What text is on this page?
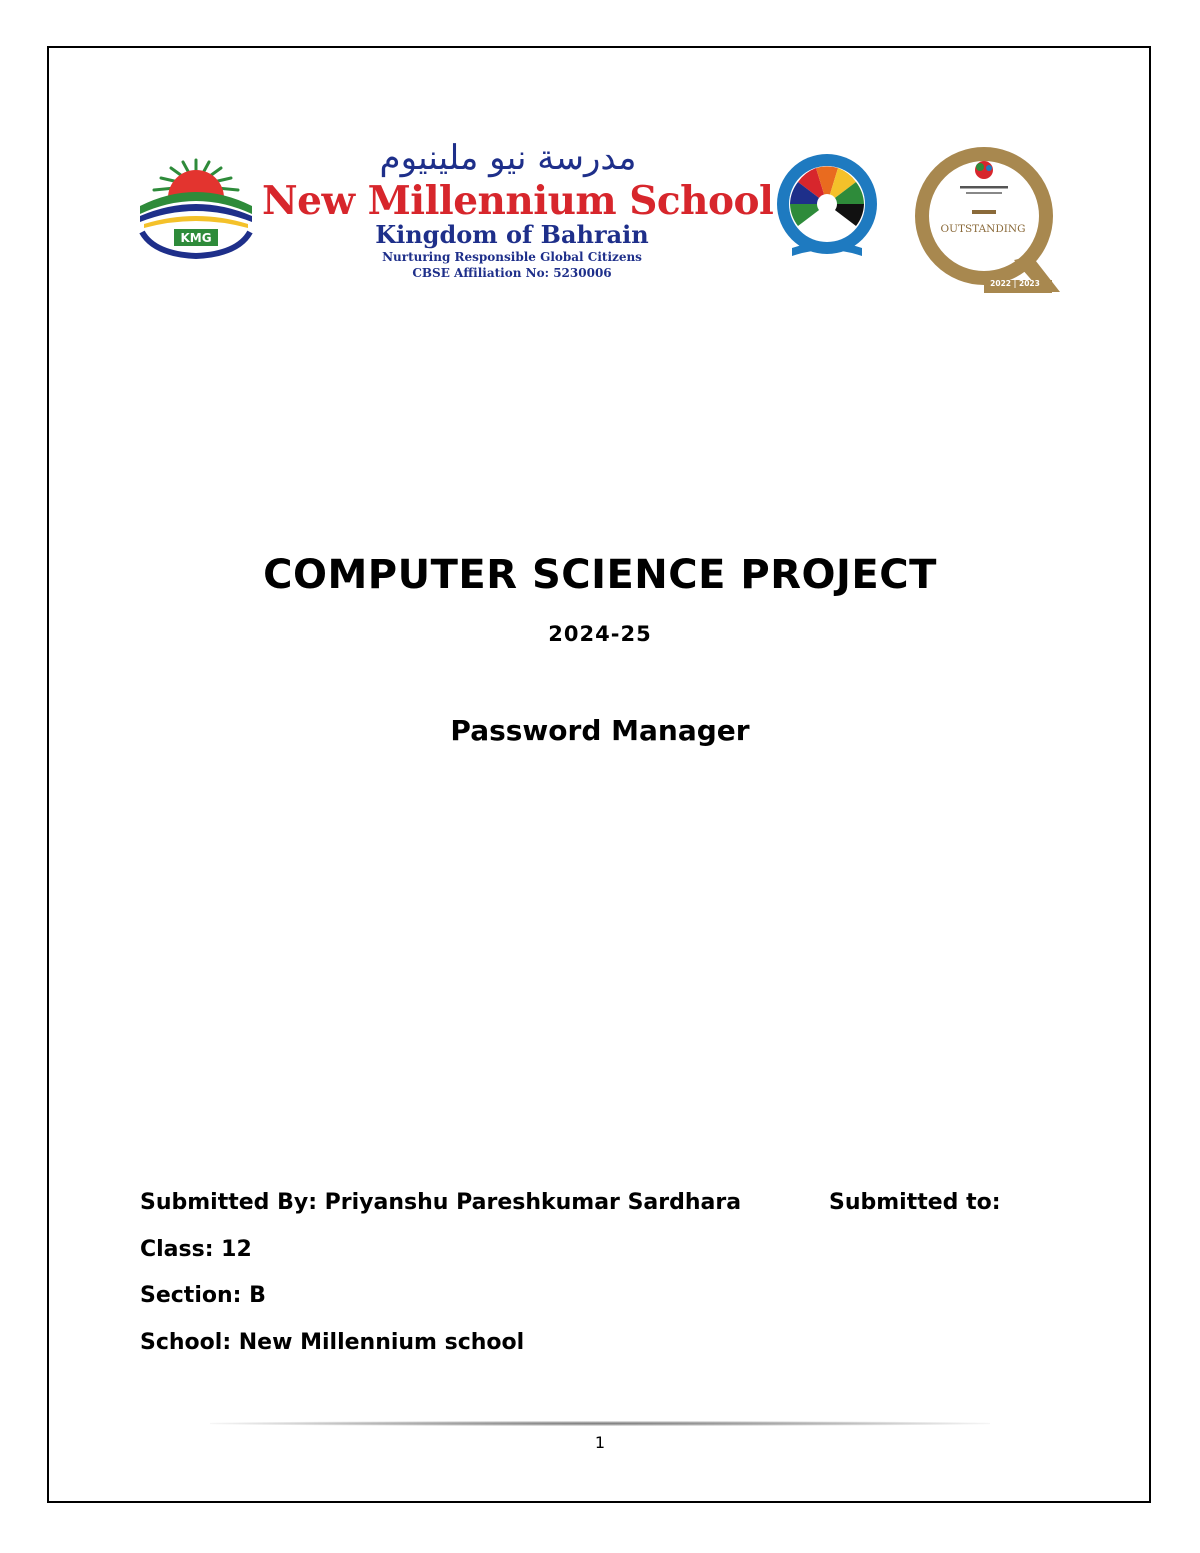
KMG
مدرسة نيو ملينيوم
New Millennium School
Kingdom of Bahrain
Nurturing Responsible Global Citizens
CBSE Affiliation No: 5230006
OUTSTANDING
2022 | 2023
COMPUTER SCIENCE PROJECT
2024-25
Password Manager
Submitted By: Priyanshu Pareshkumar Sardhara	Submitted to:
Class: 12
Section: B
School: New Millennium school
1
